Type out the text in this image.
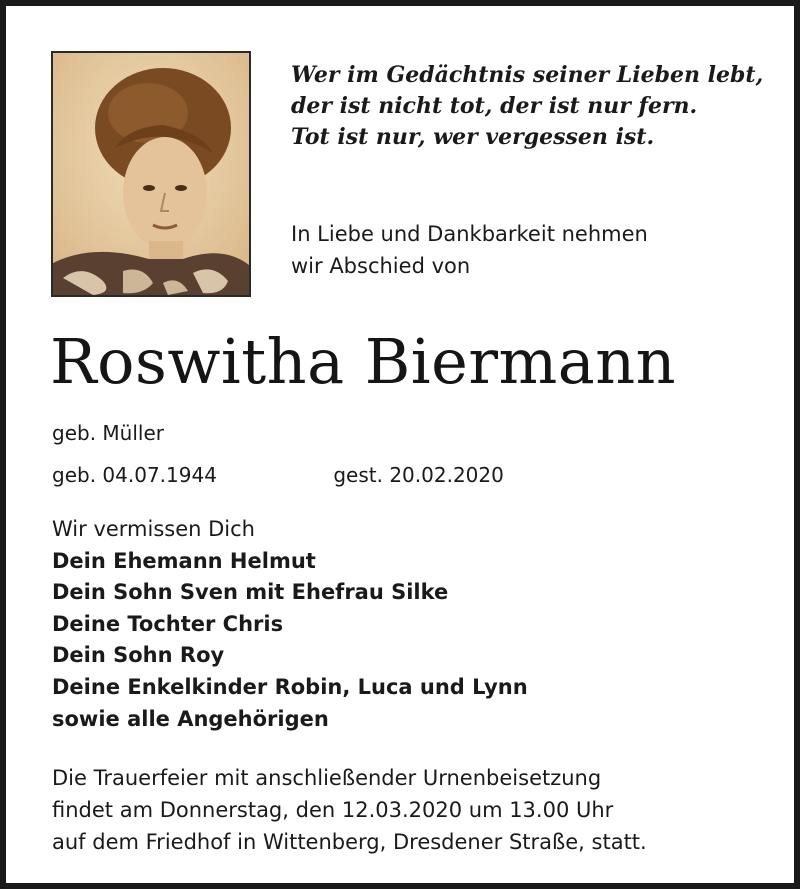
Wer im Gedächtnis seiner Lieben lebt,
der ist nicht tot, der ist nur fern.
Tot ist nur, wer vergessen ist.
In Liebe und Dankbarkeit nehmen
wir Abschied von
Roswitha Biermann
geb. Müller
geb. 04.07.1944	gest. 20.02.2020
Wir vermissen Dich
Dein Ehemann Helmut
Dein Sohn Sven mit Ehefrau Silke
Deine Tochter Chris
Dein Sohn Roy
Deine Enkelkinder Robin, Luca und Lynn
sowie alle Angehörigen
Die Trauerfeier mit anschließender Urnenbeisetzung
findet am Donnerstag, den 12.03.2020 um 13.00 Uhr
auf dem Friedhof in Wittenberg, Dresdener Straße, statt.
